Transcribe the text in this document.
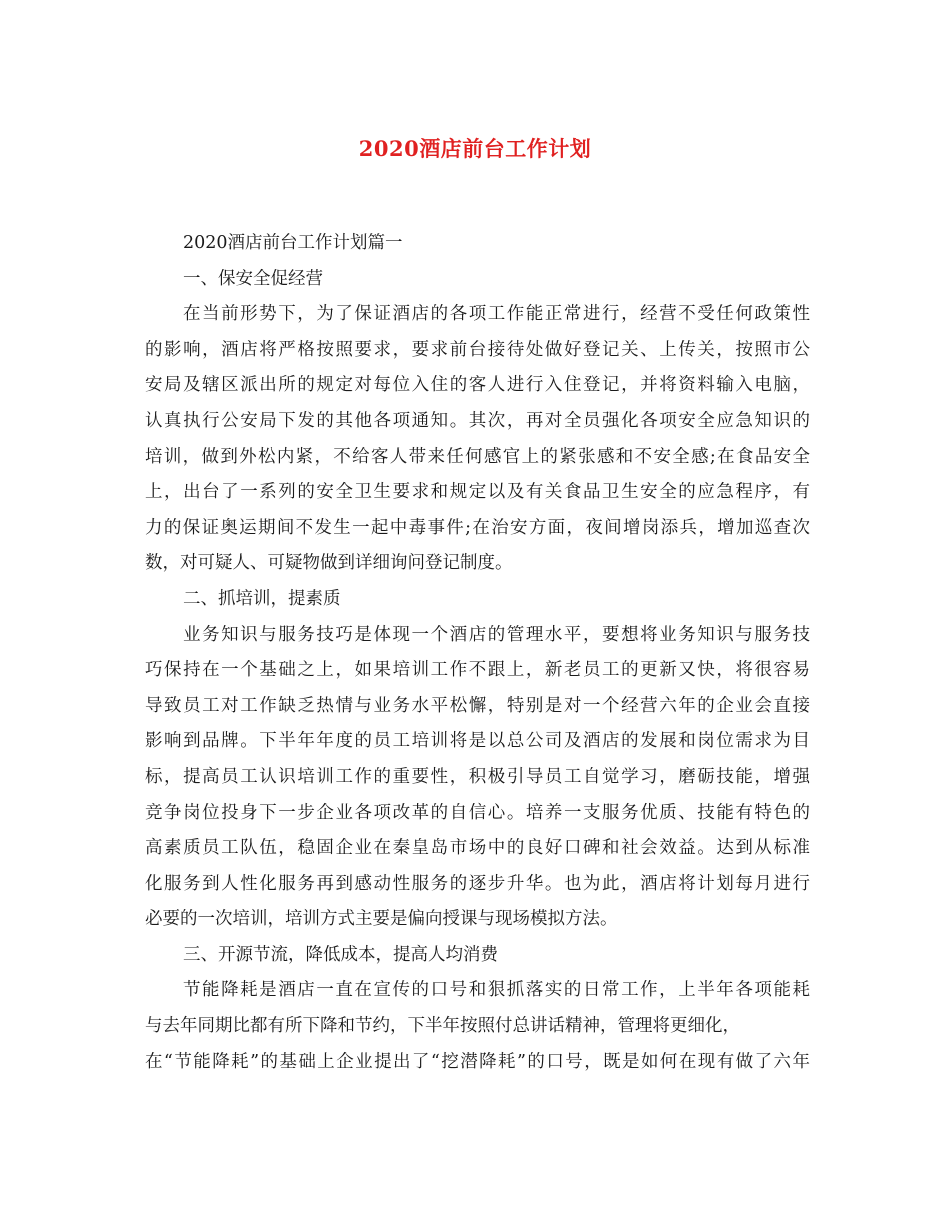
2020酒店前台工作计划
2020酒店前台工作计划篇一
一、保安全促经营
在当前形势下，为了保证酒店的各项工作能正常进行，经营不受任何政策性
的影响，酒店将严格按照要求，要求前台接待处做好登记关、上传关，按照市公
安局及辖区派出所的规定对每位入住的客人进行入住登记，并将资料输入电脑，
认真执行公安局下发的其他各项通知。其次，再对全员强化各项安全应急知识的
培训，做到外松内紧，不给客人带来任何感官上的紧张感和不安全感;在食品安全
上，出台了一系列的安全卫生要求和规定以及有关食品卫生安全的应急程序，有
力的保证奥运期间不发生一起中毒事件;在治安方面，夜间增岗添兵，增加巡查次
数，对可疑人、可疑物做到详细询问登记制度。
二、抓培训，提素质
业务知识与服务技巧是体现一个酒店的管理水平，要想将业务知识与服务技
巧保持在一个基础之上，如果培训工作不跟上，新老员工的更新又快，将很容易
导致员工对工作缺乏热情与业务水平松懈，特别是对一个经营六年的企业会直接
影响到品牌。下半年年度的员工培训将是以总公司及酒店的发展和岗位需求为目
标，提高员工认识培训工作的重要性，积极引导员工自觉学习，磨砺技能，增强
竞争岗位投身下一步企业各项改革的自信心。培养一支服务优质、技能有特色的
高素质员工队伍，稳固企业在秦皇岛市场中的良好口碑和社会效益。达到从标准
化服务到人性化服务再到感动性服务的逐步升华。也为此，酒店将计划每月进行
必要的一次培训，培训方式主要是偏向授课与现场模拟方法。
三、开源节流，降低成本，提高人均消费
节能降耗是酒店一直在宣传的口号和狠抓落实的日常工作，上半年各项能耗
与去年同期比都有所下降和节约，下半年按照付总讲话精神，管理将更细化，
在“节能降耗”的基础上企业提出了“挖潜降耗”的口号，既是如何在现有做了六年
